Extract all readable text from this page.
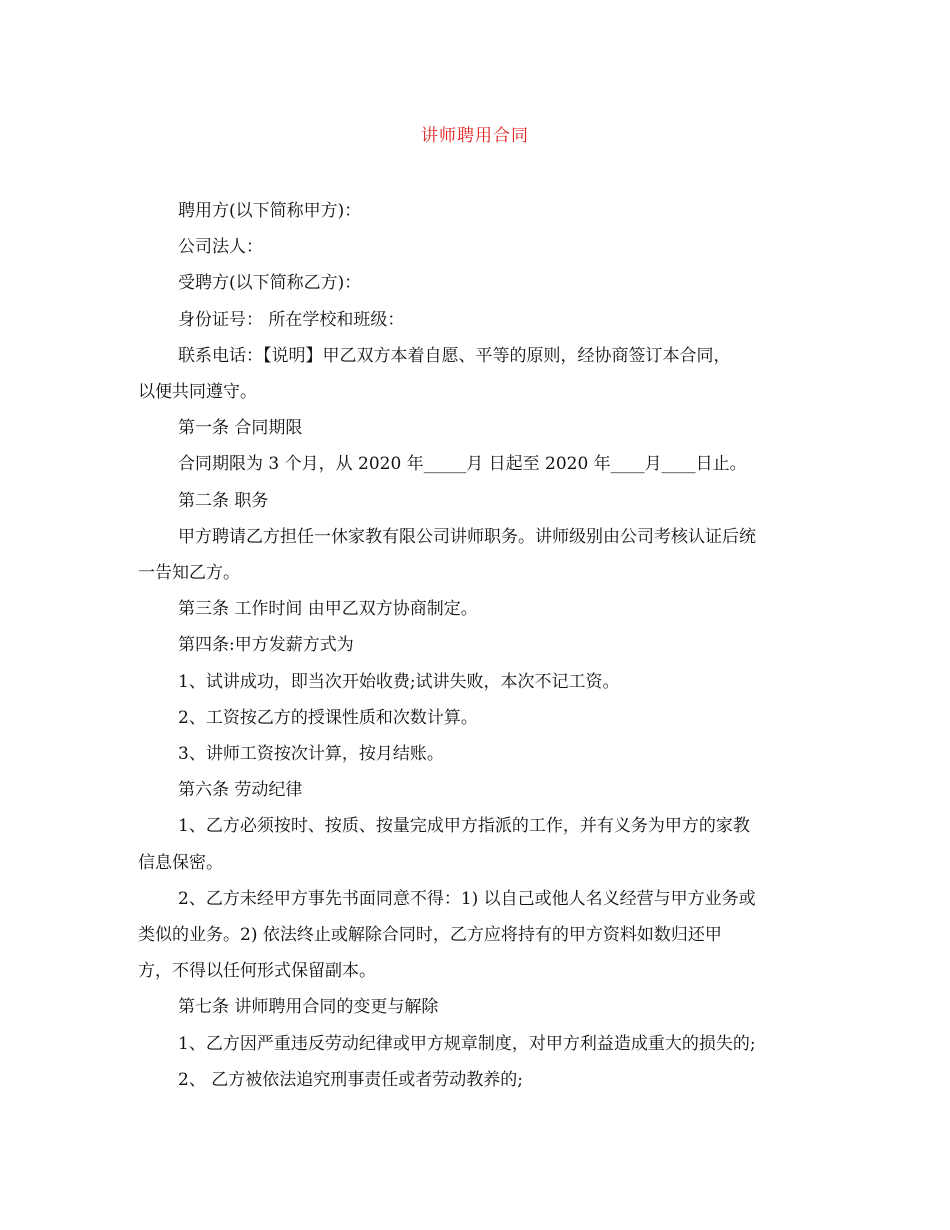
讲师聘用合同
聘用方(以下简称甲方)：
公司法人：
受聘方(以下简称乙方)：
身份证号： 所在学校和班级：
联系电话：【说明】甲乙双方本着自愿、平等的原则，经协商签订本合同，
以便共同遵守。
第一条 合同期限
合同期限为 3 个月，从 2020 年_____月 日起至 2020 年____月____日止。
第二条 职务
甲方聘请乙方担任一休家教有限公司讲师职务。讲师级别由公司考核认证后统
一告知乙方。
第三条 工作时间 由甲乙双方协商制定。
第四条:甲方发薪方式为
1、试讲成功，即当次开始收费;试讲失败，本次不记工资。
2、工资按乙方的授课性质和次数计算。
3、讲师工资按次计算，按月结账。
第六条 劳动纪律
1、乙方必须按时、按质、按量完成甲方指派的工作，并有义务为甲方的家教
信息保密。
2、乙方未经甲方事先书面同意不得：1) 以自己或他人名义经营与甲方业务或
类似的业务。2) 依法终止或解除合同时，乙方应将持有的甲方资料如数归还甲
方，不得以任何形式保留副本。
第七条 讲师聘用合同的变更与解除
1、乙方因严重违反劳动纪律或甲方规章制度，对甲方利益造成重大的损失的;
2、 乙方被依法追究刑事责任或者劳动教养的;
